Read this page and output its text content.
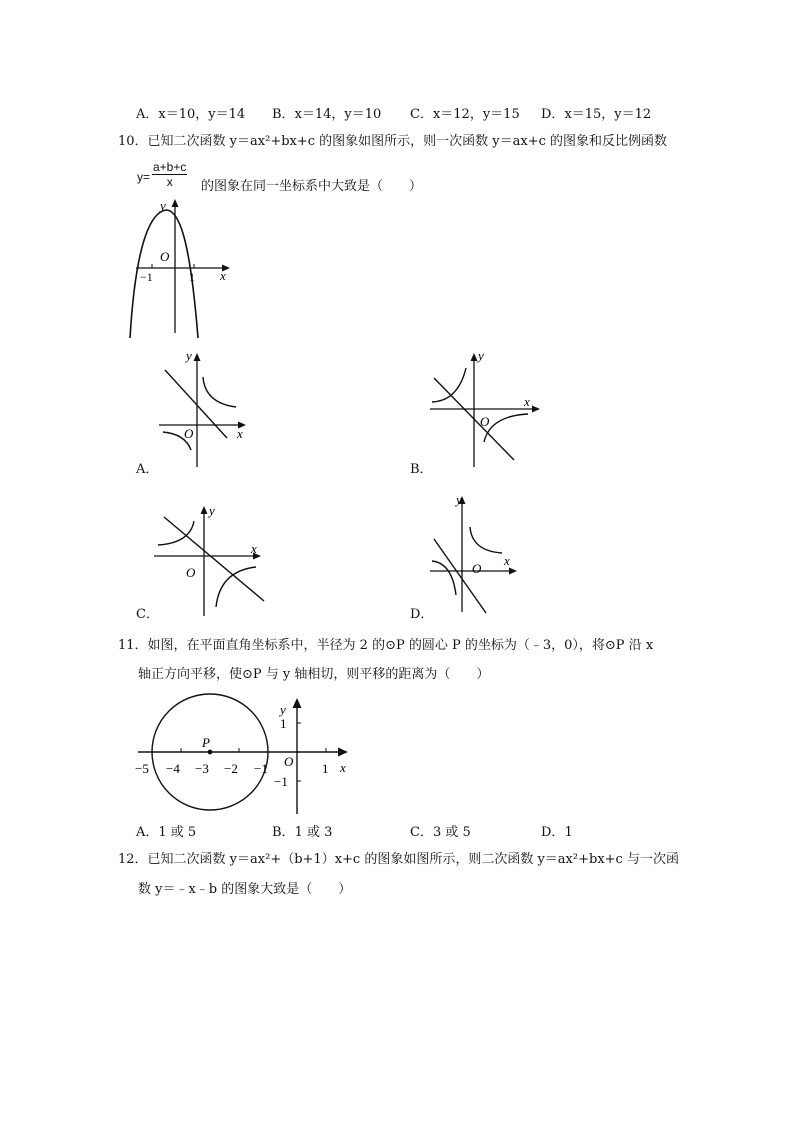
A．x＝10，y＝14 B．x＝14，y＝10 C．x＝12，y＝15 D．x＝15，y＝12
10．已知二次函数 y＝ax²+bx+c 的图象如图所示，则一次函数 y＝ax+c 的图象和反比例函数
$y= \frac{a+b+c}{x}$ 的图象在同一坐标系中大致是（　　）
y
O
−1	1 x
y
x
O
A．
y
x
O
B．
y
x
O
C．
y
x
O
D．
11．如图，在平面直角坐标系中，半径为 2 的⊙P 的圆心 P 的坐标为（﹣3，0），将⊙P 沿 x
轴正方向平移，使⊙P 与 y 轴相切，则平移的距离为（　　）
P
y
x
O
−5 −4 −3 −2 −1	1
1
−1
A．1 或 5	B．1 或 3	C．3 或 5	D．1
12．已知二次函数 y＝ax²+（b+1）x+c 的图象如图所示，则二次函数 y＝ax²+bx+c 与一次函
数 y＝﹣x﹣b 的图象大致是（　　）
